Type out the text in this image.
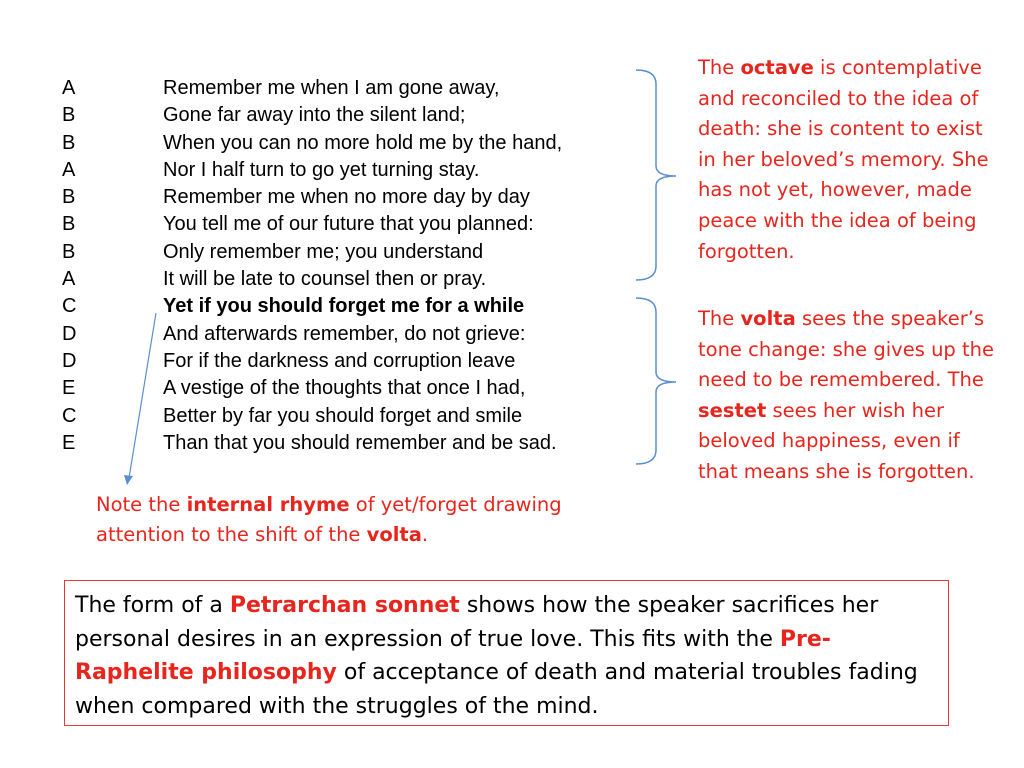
A	Remember me when I am gone away,
B	Gone far away into the silent land;
B	When you can no more hold me by the hand,
A	Nor I half turn to go yet turning stay.
B	Remember me when no more day by day
B	You tell me of our future that you planned:
B	Only remember me; you understand
A	It will be late to counsel then or pray.
C	Yet if you should forget me for a while
D	And afterwards remember, do not grieve:
D	For if the darkness and corruption leave
E	A vestige of the thoughts that once I had,
C	Better by far you should forget and smile
E	Than that you should remember and be sad.
The octave is contemplative and reconciled to the idea of death: she is content to exist in her beloved’s memory. She has not yet, however, made peace with the idea of being forgotten.
The volta sees the speaker’s tone change: she gives up the need to be remembered. The sestet sees her wish her beloved happiness, even if that means she is forgotten.
Note the internal rhyme of yet/forget drawing attention to the shift of the volta.
The form of a Petrarchan sonnet shows how the speaker sacrifices her personal desires in an expression of true love. This fits with the Pre-Raphelite philosophy of acceptance of death and material troubles fading when compared with the struggles of the mind.
